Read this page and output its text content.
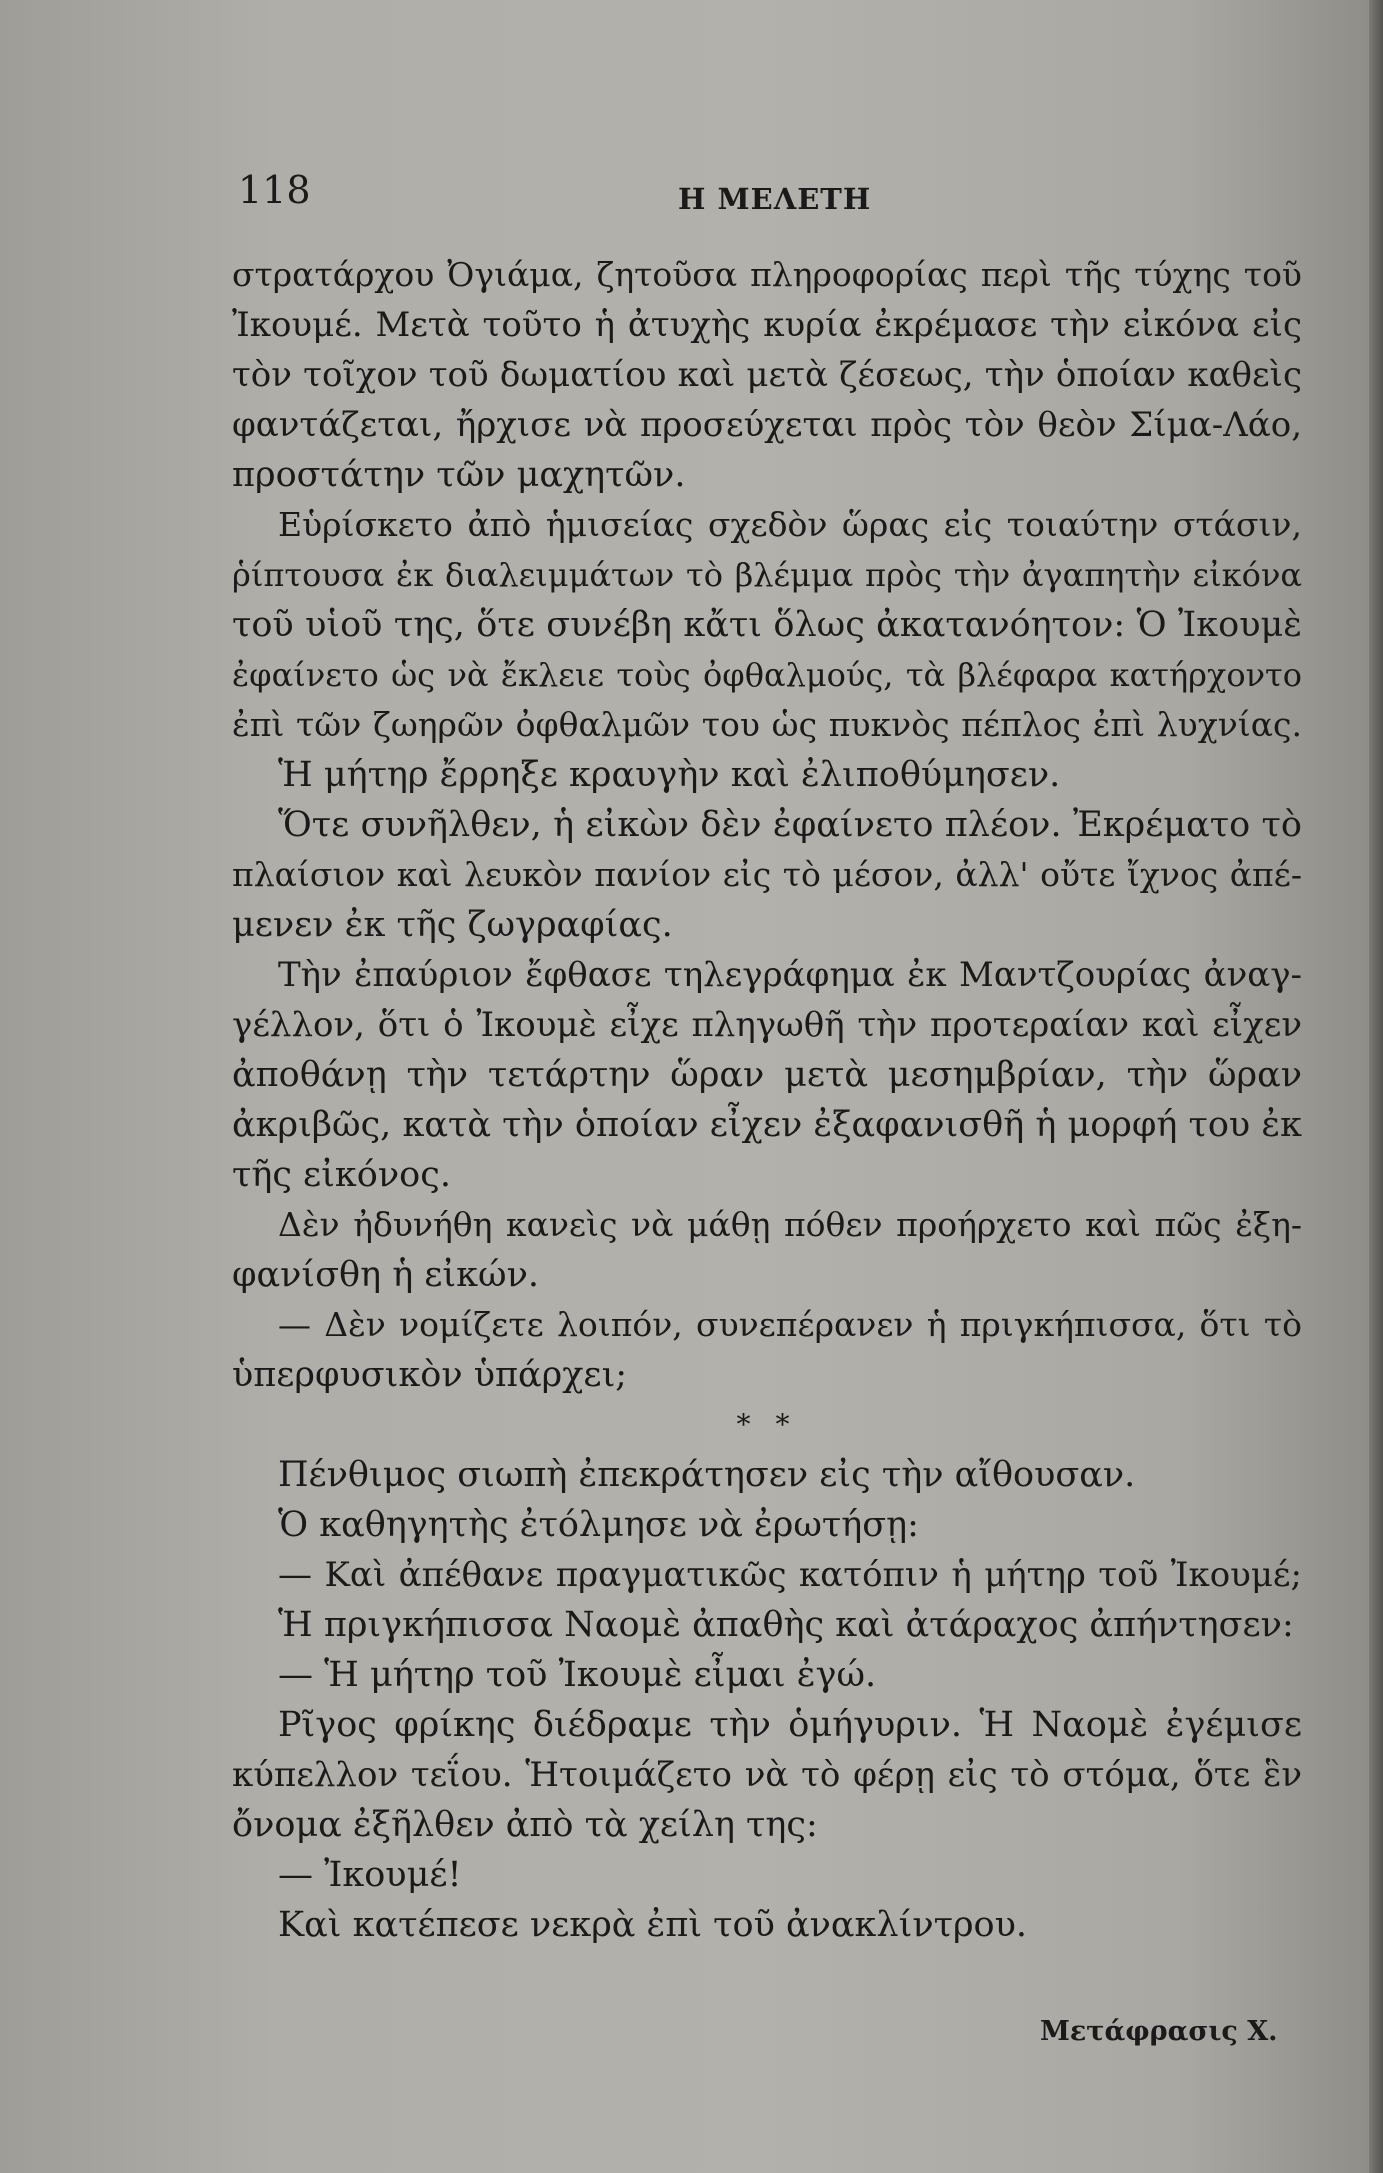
118	Η ΜΕΛΕΤΗ
στρατάρχου Ὀγιάμα, ζητοῦσα πληροφορίας περὶ τῆς τύχης τοῦ
Ἰκουμέ. Μετὰ τοῦτο ἡ ἀτυχὴς κυρία ἐκρέμασε τὴν εἰκόνα εἰς
τὸν τοῖχον τοῦ δωματίου καὶ μετὰ ζέσεως, τὴν ὁποίαν καθεὶς
φαντάζεται, ἤρχισε νὰ προσεύχεται πρὸς τὸν θεὸν Σίμα-Λάο,
προστάτην τῶν μαχητῶν.
Εὑρίσκετο ἀπὸ ἡμισείας σχεδὸν ὥρας εἰς τοιαύτην στάσιν,
ῥίπτουσα ἐκ διαλειμμάτων τὸ βλέμμα πρὸς τὴν ἀγαπητὴν εἰκόνα
τοῦ υἱοῦ της, ὅτε συνέβη κἄτι ὅλως ἀκατανόητον: Ὁ Ἰκουμὲ
ἐφαίνετο ὡς νὰ ἔκλειε τοὺς ὀφθαλμούς, τὰ βλέφαρα κατήρχοντο
ἐπὶ τῶν ζωηρῶν ὀφθαλμῶν του ὡς πυκνὸς πέπλος ἐπὶ λυχνίας.
Ἡ μήτηρ ἔρρηξε κραυγὴν καὶ ἐλιποθύμησεν.
Ὅτε συνῆλθεν, ἡ εἰκὼν δὲν ἐφαίνετο πλέον. Ἐκρέματο τὸ
πλαίσιον καὶ λευκὸν πανίον εἰς τὸ μέσον, ἀλλ' οὔτε ἴχνος ἀπέ-
μενεν ἐκ τῆς ζωγραφίας.
Τὴν ἐπαύριον ἔφθασε τηλεγράφημα ἐκ Μαντζουρίας ἀναγ-
γέλλον, ὅτι ὁ Ἰκουμὲ εἶχε πληγωθῆ τὴν προτεραίαν καὶ εἶχεν
ἀποθάνῃ τὴν τετάρτην ὥραν μετὰ μεσημβρίαν, τὴν ὥραν
ἀκριβῶς, κατὰ τὴν ὁποίαν εἶχεν ἐξαφανισθῆ ἡ μορφή του ἐκ
τῆς εἰκόνος.
Δὲν ἠδυνήθη κανεὶς νὰ μάθῃ πόθεν προήρχετο καὶ πῶς ἐξη-
φανίσθη ἡ εἰκών.
— Δὲν νομίζετε λοιπόν, συνεπέρανεν ἡ πριγκήπισσα, ὅτι τὸ
ὑπερφυσικὸν ὑπάρχει;
* *
Πένθιμος σιωπὴ ἐπεκράτησεν εἰς τὴν αἴθουσαν.
Ὁ καθηγητὴς ἐτόλμησε νὰ ἐρωτήσῃ:
— Καὶ ἀπέθανε πραγματικῶς κατόπιν ἡ μήτηρ τοῦ Ἰκουμέ;
Ἡ πριγκήπισσα Ναομὲ ἀπαθὴς καὶ ἀτάραχος ἀπήντησεν:
— Ἡ μήτηρ τοῦ Ἰκουμὲ εἶμαι ἐγώ.
Ρῖγος φρίκης διέδραμε τὴν ὁμήγυριν. Ἡ Ναομὲ ἐγέμισε
κύπελλον τεΐου. Ἡτοιμάζετο νὰ τὸ φέρῃ εἰς τὸ στόμα, ὅτε ἓν
ὄνομα ἐξῆλθεν ἀπὸ τὰ χείλη της:
— Ἰκουμέ!
Καὶ κατέπεσε νεκρὰ ἐπὶ τοῦ ἀνακλίντρου.
Μετάφρασις Χ.
